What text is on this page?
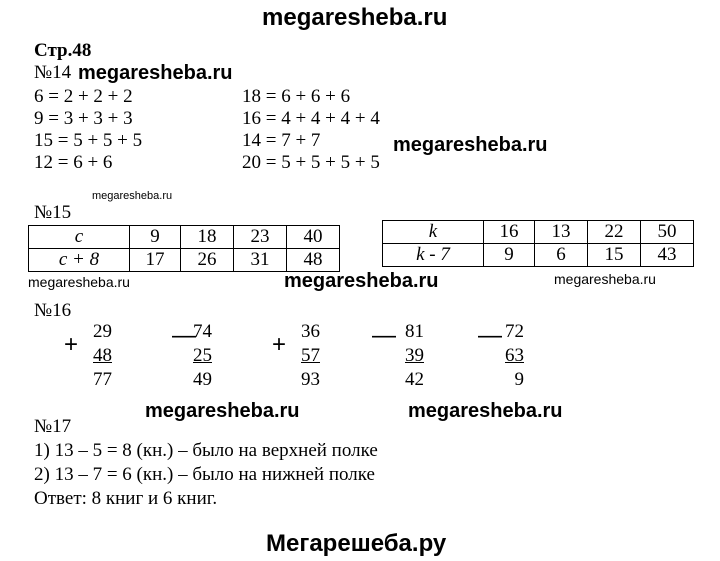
megaresheba.ru
Стр.48
№14 megaresheba.ru
6 = 2 + 2 + 2
9 = 3 + 3 + 3
15 = 5 + 5 + 5
12 = 6 + 6
18 = 6 + 6 + 6
16 = 4 + 4 + 4 + 4
14 = 7 + 7
20 = 5 + 5 + 5 + 5
megaresheba.ru
megaresheba.ru
№15
c	9	18	23	40
c + 8	17	26	31	48
k	16	13	22	50
k - 7	9	6	15	43
megaresheba.ru	megaresheba.ru	megaresheba.ru
№16
+ 29
48
77
—
74
25
49
+ 36
57
93
— 81
39
42
— 72
63
9
megaresheba.ru	megaresheba.ru
№17
1) 13 – 5 = 8 (кн.) – было на верхней полке
2) 13 – 7 = 6 (кн.) – было на нижней полке
Ответ: 8 книг и 6 книг.
Мегарешеба.ру
